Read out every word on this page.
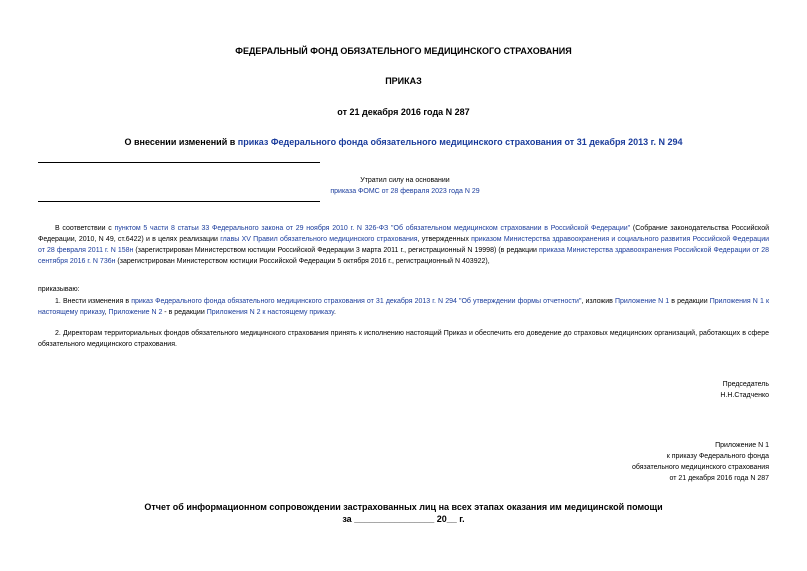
ФЕДЕРАЛЬНЫЙ ФОНД ОБЯЗАТЕЛЬНОГО МЕДИЦИНСКОГО СТРАХОВАНИЯ
ПРИКАЗ
от 21 декабря 2016 года N 287
О внесении изменений в приказ Федерального фонда обязательного медицинского страхования от 31 декабря 2013 г. N 294
Утратил силу на основании
приказа ФОМС от 28 февраля 2023 года N 29
В соответствии с пунктом 5 части 8 статьи 33 Федерального закона от 29 ноября 2010 г. N 326-ФЗ "Об обязательном медицинском страховании в Российской Федерации" (Собрание законодательства Российской Федерации, 2010, N 49, ст.6422) и в целях реализации главы XV Правил обязательного медицинского страхования, утвержденных приказом Министерства здравоохранения и социального развития Российской Федерации от 28 февраля 2011 г. N 158н (зарегистрирован Министерством юстиции Российской Федерации 3 марта 2011 г., регистрационный N 19998) (в редакции приказа Министерства здравоохранения Российской Федерации от 28 сентября 2016 г. N 736н (зарегистрирован Министерством юстиции Российской Федерации 5 октября 2016 г., регистрационный N 403922),
приказываю:
1. Внести изменения в приказ Федерального фонда обязательного медицинского страхования от 31 декабря 2013 г. N 294 "Об утверждении формы отчетности", изложив Приложение N 1 в редакции Приложения N 1 к настоящему приказу, Приложение N 2 - в редакции Приложения N 2 к настоящему приказу.
2. Директорам территориальных фондов обязательного медицинского страхования принять к исполнению настоящий Приказ и обеспечить его доведение до страховых медицинских организаций, работающих в сфере обязательного медицинского страхования.
Председатель
Н.Н.Стадченко
Приложение N 1
к приказу Федерального фонда
обязательного медицинского страхования
от 21 декабря 2016 года N 287
Отчет об информационном сопровождении застрахованных лиц на всех этапах оказания им медицинской помощи
за ________________ 20__ г.
